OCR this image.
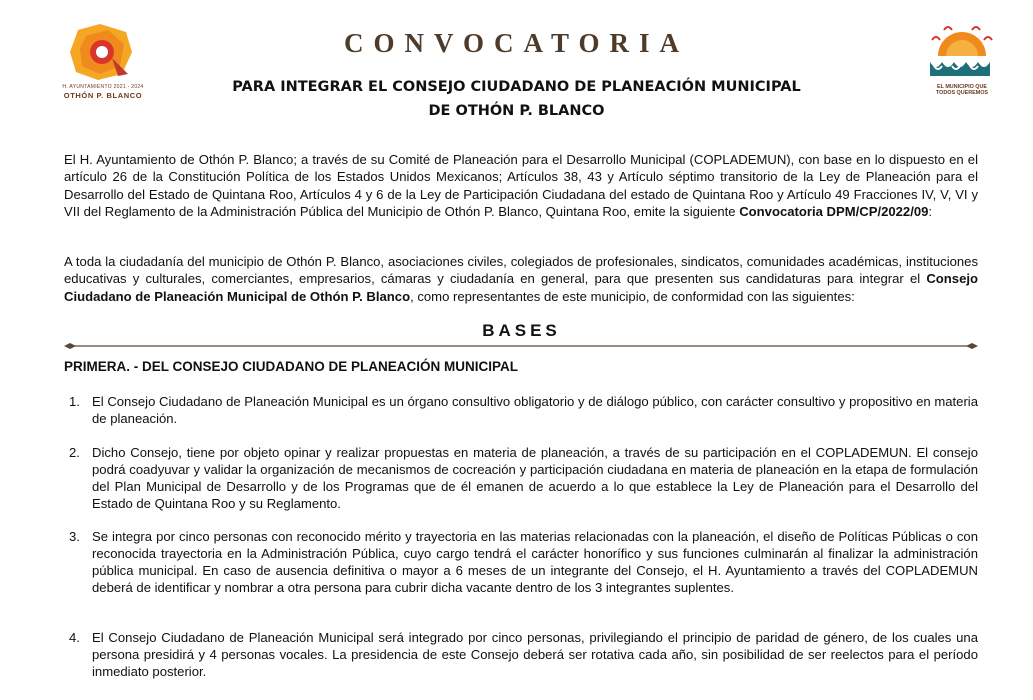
H. AYUNTAMIENTO 2021 - 2024
OTHÓN P. BLANCO
EL MUNICIPIO QUE
TODOS QUEREMOS
CONVOCATORIA
PARA INTEGRAR EL CONSEJO CIUDADANO DE PLANEACIÓN MUNICIPAL
DE OTHÓN P. BLANCO
El H. Ayuntamiento de Othón P. Blanco; a través de su Comité de Planeación para el Desarrollo Municipal (COPLADEMUN), con base en lo dispuesto en el artículo 26 de la Constitución Política de los Estados Unidos Mexicanos; Artículos 38, 43 y Artículo séptimo transitorio de la Ley de Planeación para el Desarrollo del Estado de Quintana Roo, Artículos 4 y 6 de la Ley de Participación Ciudadana del estado de Quintana Roo y Artículo 49 Fracciones IV, V, VI y VII del Reglamento de la Administración Pública del Municipio de Othón P. Blanco, Quintana Roo, emite la siguiente Convocatoria DPM/CP/2022/09:
A toda la ciudadanía del municipio de Othón P. Blanco, asociaciones civiles, colegiados de profesionales, sindicatos, comunidades académicas, instituciones educativas y culturales, comerciantes, empresarios, cámaras y ciudadanía en general, para que presenten sus candidaturas para integrar el Consejo Ciudadano de Planeación Municipal de Othón P. Blanco, como representantes de este municipio, de conformidad con las siguientes:
BASES
PRIMERA. - DEL CONSEJO CIUDADANO DE PLANEACIÓN MUNICIPAL
1. El Consejo Ciudadano de Planeación Municipal es un órgano consultivo obligatorio y de diálogo público, con carácter consultivo y propositivo en materia de planeación.
2. Dicho Consejo, tiene por objeto opinar y realizar propuestas en materia de planeación, a través de su participación en el COPLADEMUN. El consejo podrá coadyuvar y validar la organización de mecanismos de cocreación y participación ciudadana en materia de planeación en la etapa de formulación del Plan Municipal de Desarrollo y de los Programas que de él emanen de acuerdo a lo que establece la Ley de Planeación para el Desarrollo del Estado de Quintana Roo y su Reglamento.
3. Se integra por cinco personas con reconocido mérito y trayectoria en las materias relacionadas con la planeación, el diseño de Políticas Públicas o con reconocida trayectoria en la Administración Pública, cuyo cargo tendrá el carácter honorífico y sus funciones culminarán al finalizar la administración pública municipal. En caso de ausencia definitiva o mayor a 6 meses de un integrante del Consejo, el H. Ayuntamiento a través del COPLADEMUN deberá de identificar y nombrar a otra persona para cubrir dicha vacante dentro de los 3 integrantes suplentes.
4. El Consejo Ciudadano de Planeación Municipal será integrado por cinco personas, privilegiando el principio de paridad de género, de los cuales una persona presidirá y 4 personas vocales. La presidencia de este Consejo deberá ser rotativa cada año, sin posibilidad de ser reelectos para el período inmediato posterior.
